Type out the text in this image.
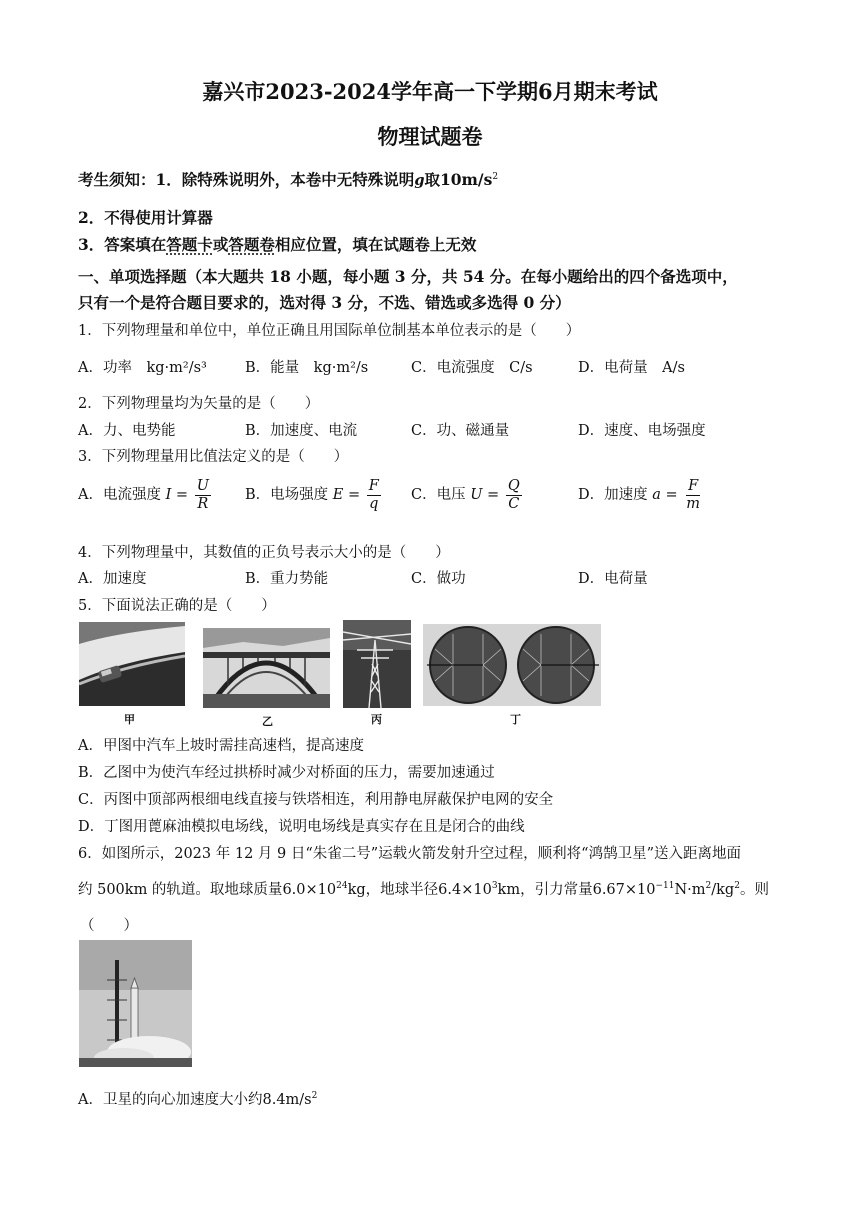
嘉兴市2023-2024学年高一下学期6月期末考试
物理试题卷
考生须知：1．除特殊说明外，本卷中无特殊说明g取$10m/s^2$
2．不得使用计算器
3．答案填在答题卡或答题卷相应位置，填在试题卷上无效
一、单项选择题（本大题共 18 小题，每小题 3 分，共 54 分。在每小题给出的四个备选项中，
只有一个是符合题目要求的，选对得 3 分，不选、错选或多选得 0 分）
1．下列物理量和单位中，单位正确且用国际单位制基本单位表示的是（　　）
A．功率　kg·m²/s³	B．能量　kg·m²/s	C．电流强度　C/s	D．电荷量　A/s
2．下列物理量均为矢量的是（　　）
A．力、电势能	B．加速度、电流	C．功、磁通量	D．速度、电场强度
3．下列物理量用比值法定义的是（　　）
A．电流强度 $I = \frac{U}{R}$ B．电场强度 $E = \frac{F}{q}$ C．电压 $U = \frac{Q}{C}$	D．加速度 $a = \frac{F}{m}$
4．下列物理量中，其数值的正负号表示大小的是（　　）
A．加速度	B．重力势能	C．做功	D．电荷量
5．下面说法正确的是（　　）
甲	乙	丙	丁
A．甲图中汽车上坡时需挂高速档，提高速度
B．乙图中为使汽车经过拱桥时减少对桥面的压力，需要加速通过
C．丙图中顶部两根细电线直接与铁塔相连，利用静电屏蔽保护电网的安全
D．丁图用蓖麻油模拟电场线，说明电场线是真实存在且是闭合的曲线
6．如图所示，2023 年 12 月 9 日“朱雀二号”运载火箭发射升空过程，顺利将“鸿鹄卫星”送入距离地面
约 500km 的轨道。取地球质量$6.0\times 10^{24}kg$，地球半径$6.4\times 10^3km$，引力常量$6.67\times 10^{-11}N\cdot m^2/kg^2$。则
（　　）
A．卫星的向心加速度大小约$8.4m/s^2$
